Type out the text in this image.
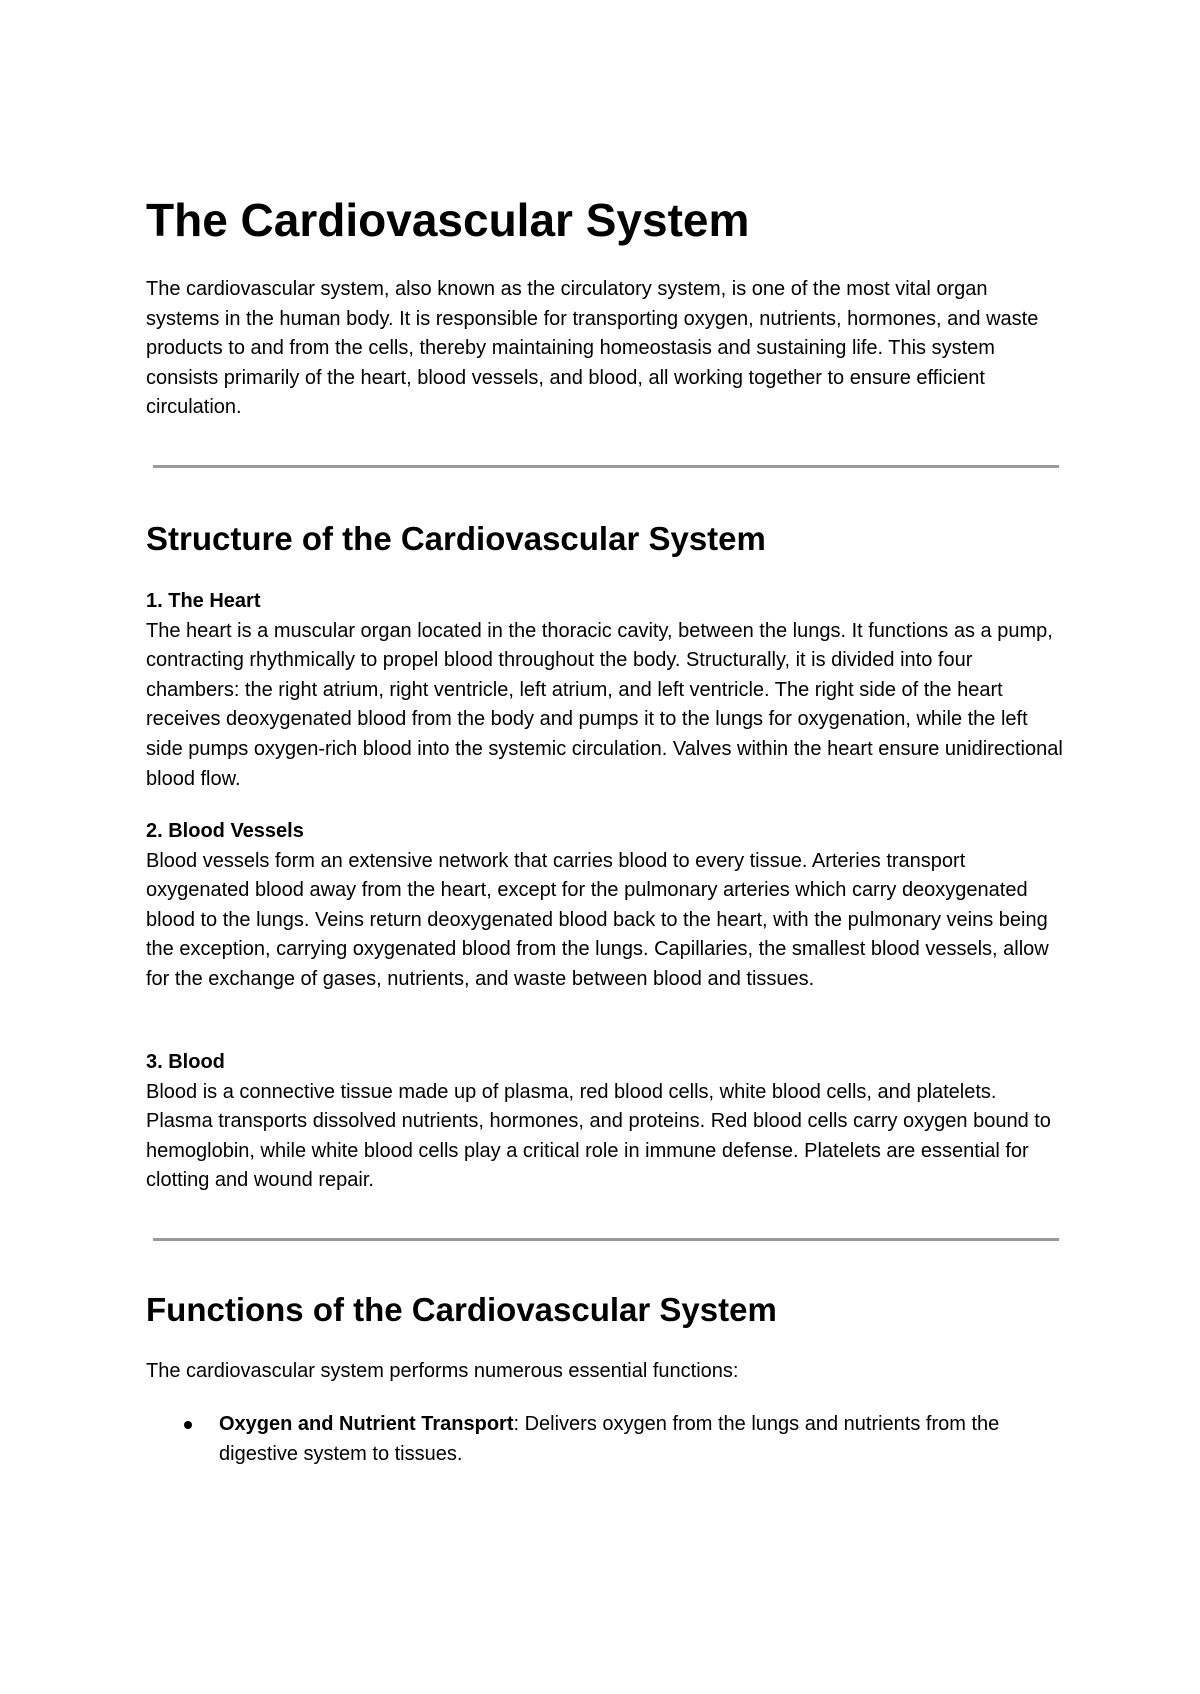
The Cardiovascular System

The cardiovascular system, also known as the circulatory system, is one of the most vital organ systems in the human body. It is responsible for transporting oxygen, nutrients, hormones, and waste products to and from the cells, thereby maintaining homeostasis and sustaining life. This system consists primarily of the heart, blood vessels, and blood, all working together to ensure efficient circulation.

Structure of the Cardiovascular System
1. The Heart

The heart is a muscular organ located in the thoracic cavity, between the lungs. It functions as a pump, contracting rhythmically to propel blood throughout the body. Structurally, it is divided into four chambers: the right atrium, right ventricle, left atrium, and left ventricle. The right side of the heart receives deoxygenated blood from the body and pumps it to the lungs for oxygenation, while the left side pumps oxygen-rich blood into the systemic circulation. Valves within the heart ensure unidirectional blood flow.

2. Blood Vessels

Blood vessels form an extensive network that carries blood to every tissue. Arteries transport oxygenated blood away from the heart, except for the pulmonary arteries which carry deoxygenated blood to the lungs. Veins return deoxygenated blood back to the heart, with the pulmonary veins being the exception, carrying oxygenated blood from the lungs. Capillaries, the smallest blood vessels, allow for the exchange of gases, nutrients, and waste between blood and tissues.

3. Blood

Blood is a connective tissue made up of plasma, red blood cells, white blood cells, and platelets. Plasma transports dissolved nutrients, hormones, and proteins. Red blood cells carry oxygen bound to hemoglobin, while white blood cells play a critical role in immune defense. Platelets are essential for clotting and wound repair.

Functions of the Cardiovascular System

The cardiovascular system performs numerous essential functions:

Oxygen and Nutrient Transport: Delivers oxygen from the lungs and nutrients from the digestive system to tissues.
